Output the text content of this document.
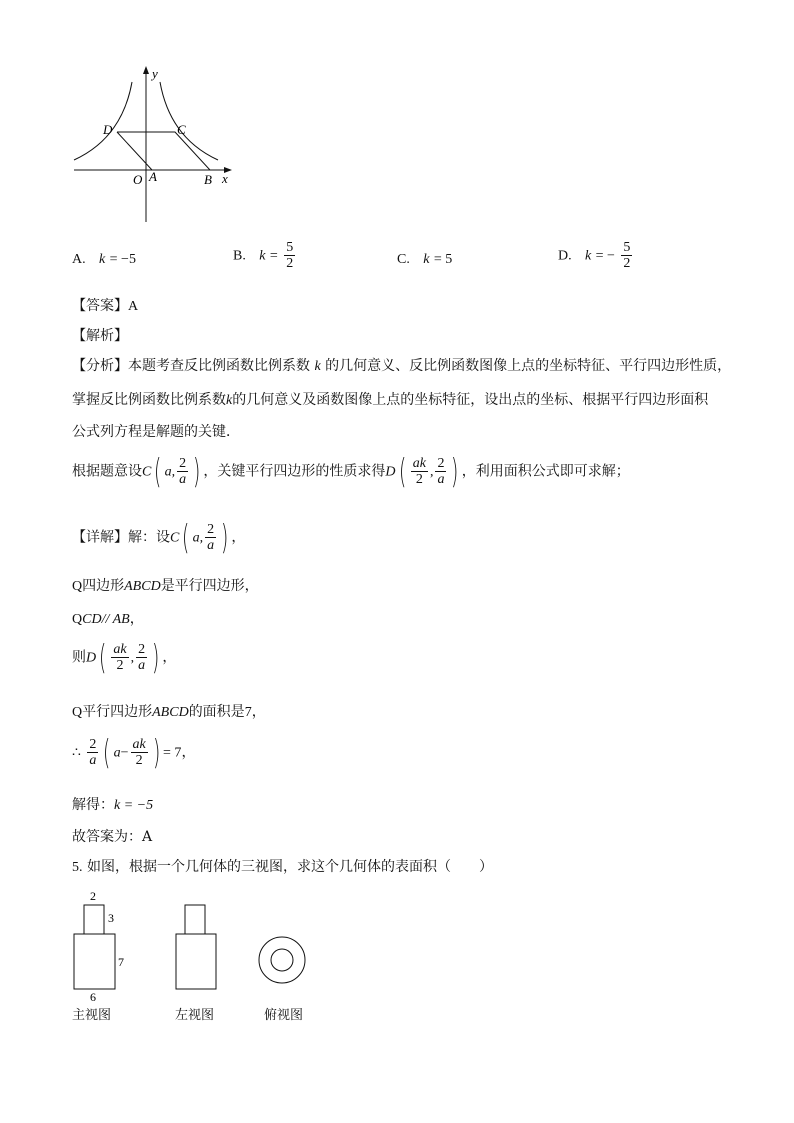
y
x
D	C
O A	B
A. k = −5	B. $k = \frac{5}{2}$	C. k = 5	D. k = − $\frac{5}{2}$
【答案】A
【解析】
【分析】本题考查反比例函数比例系数 k 的几何意义、反比例函数图像上点的坐标特征、平行四边形性质，
掌握反比例函数比例系数k的几何意义及函数图像上点的坐标特征，设出点的坐标、根据平行四边形面积
公式列方程是解题的关键．
根据题意设C( a, $\frac{2}{a}$ ) ，关键平行四边形的性质求得$D( \frac{ak}{2}$ , $\frac{2}{a}$ ) ，利用面积公式即可求解；
【详解】解：设C( a, $\frac{2}{a}$ ) ，
Q四边形ABCD是平行四边形，
QCD// AB，
则$D( \frac{ak}{2}$ , $\frac{2}{a}$ ) ，
Q平行四边形ABCD的面积是7，
∴ $\frac{2}{a}$ ( $a- \frac{ak}{2}$ ) = 7，
解得：k = −5
故答案为：A
5. 如图，根据一个几何体的三视图，求这个几何体的表面积（　　）
2
3
7
6
主视图	左视图	俯视图
